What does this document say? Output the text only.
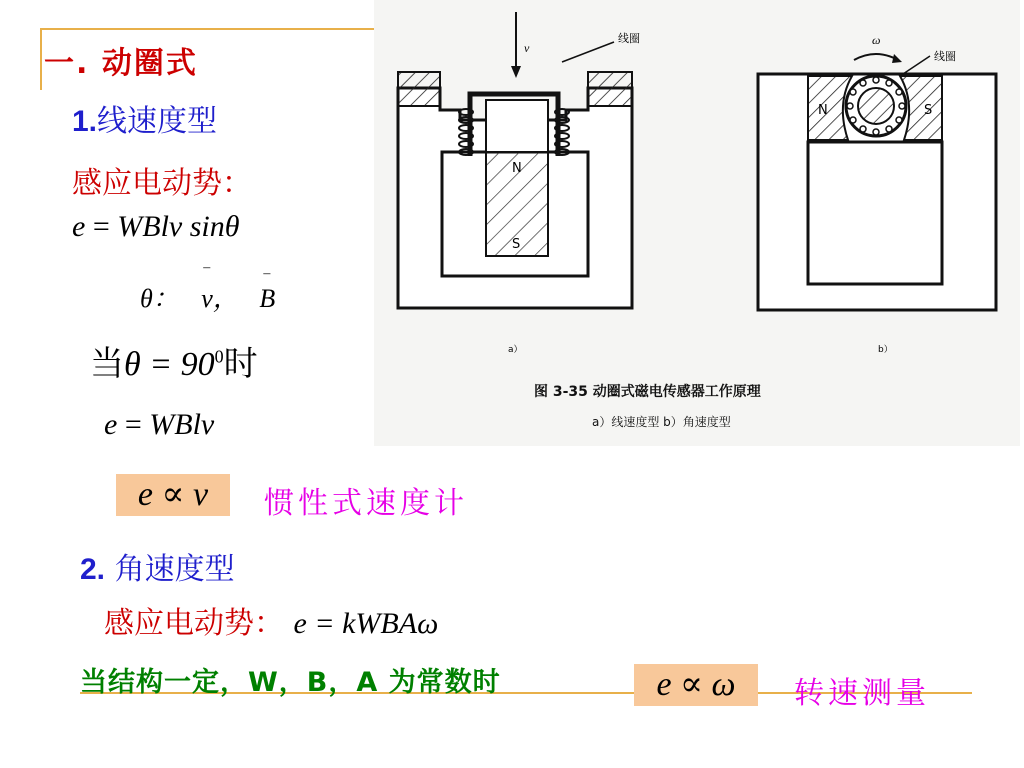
一. 动圈式
1.线速度型
感应电动势：
e = WBlv sinθ
θ：
–
v，
–
B
当$\theta = 90^0$时
e = WBlv
e ∝ v	惯性式速度计
2. 角速度型
感应电动势： e = kWBAω
当结构一定，W，B，A 为常数时	e ∝ ω	转速测量
v
线圈
N
S
a）
ω
线圈
N	S
b）
图 3-35 动圈式磁电传感器工作原理
a）线速度型 b）角速度型
